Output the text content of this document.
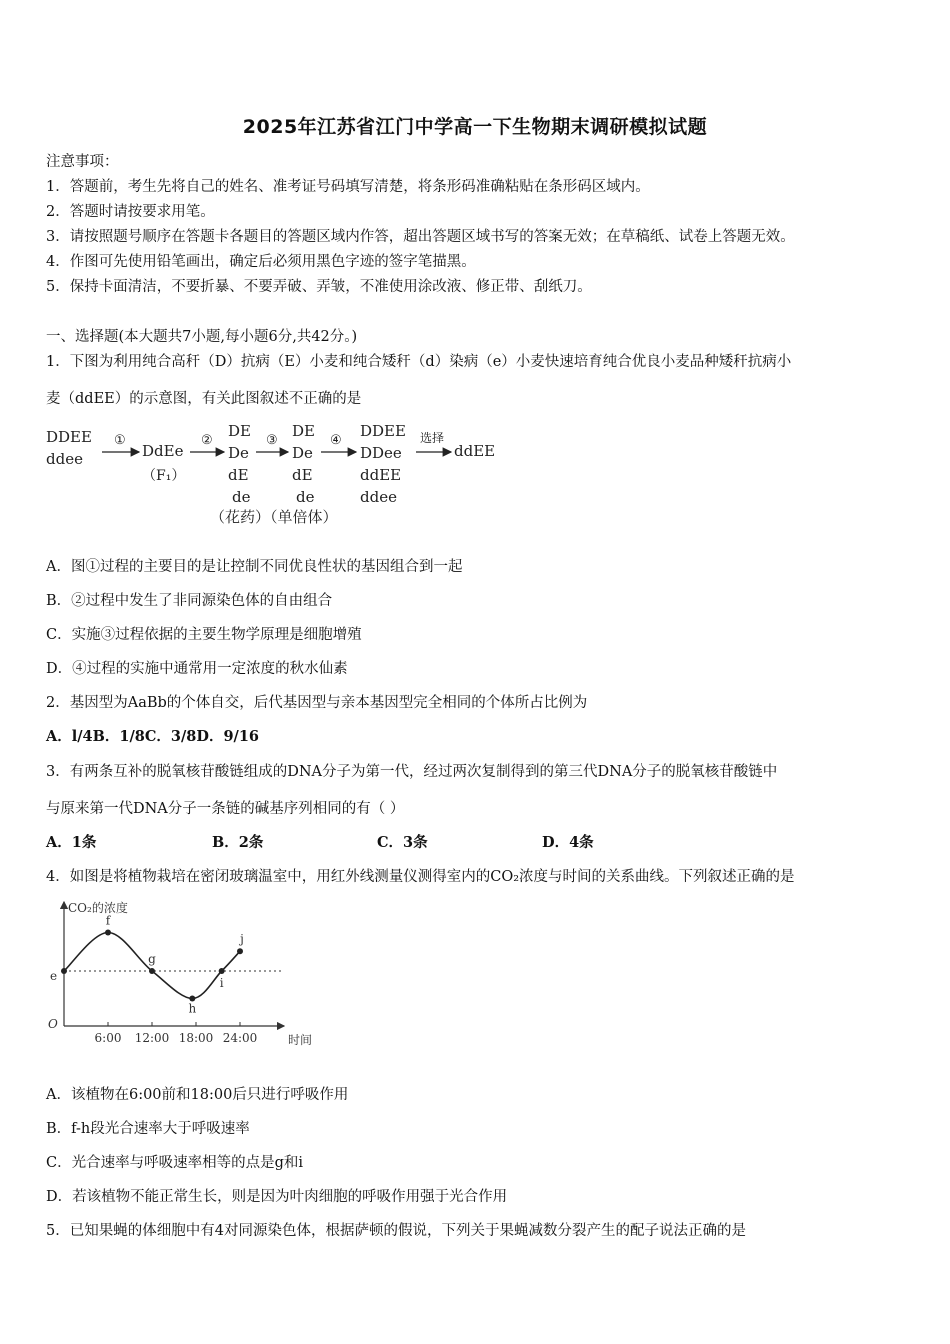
2025年江苏省江门中学高一下生物期末调研模拟试题
注意事项：
1．答题前，考生先将自己的姓名、准考证号码填写清楚，将条形码准确粘贴在条形码区域内。
2．答题时请按要求用笔。
3．请按照题号顺序在答题卡各题目的答题区域内作答，超出答题区域书写的答案无效；在草稿纸、试卷上答题无效。
4．作图可先使用铅笔画出，确定后必须用黑色字迹的签字笔描黑。
5．保持卡面清洁，不要折暴、不要弄破、弄皱，不准使用涂改液、修正带、刮纸刀。
一、选择题(本大题共7小题,每小题6分,共42分。)
1．下图为利用纯合高秆（D）抗病（E）小麦和纯合矮秆（d）染病（e）小麦快速培育纯合优良小麦品种矮秆抗病小
麦（ddEE）的示意图，有关此图叙述不正确的是
DDEE
ddee
①
DdEe
（F₁）
②
DE
De
dE
de
③
DE
De
dE
de
④
DDEE
DDee
ddEE
ddee
选择
ddEE
（花药）（单倍体）
A．图①过程的主要目的是让控制不同优良性状的基因组合到一起
B．②过程中发生了非同源染色体的自由组合
C．实施③过程依据的主要生物学原理是细胞增殖
D．④过程的实施中通常用一定浓度的秋水仙素
2．基因型为AaBb的个体自交，后代基因型与亲本基因型完全相同的个体所占比例为
A．l/4B．1/8C．3/8D．9/16
3．有两条互补的脱氧核苷酸链组成的DNA分子为第一代，经过两次复制得到的第三代DNA分子的脱氧核苷酸链中
与原来第一代DNA分子一条链的碱基序列相同的有（ ）
A．1条	B．2条	C．3条	D．4条
4．如图是将植物栽培在密闭玻璃温室中，用红外线测量仪测得室内的CO₂浓度与时间的关系曲线。下列叙述正确的是
CO₂的浓度
时间
O
e
6:00 12:00 18:00 24:00
f
g
h
i
j
A．该植物在6:00前和18:00后只进行呼吸作用
B．f-h段光合速率大于呼吸速率
C．光合速率与呼吸速率相等的点是g和i
D．若该植物不能正常生长，则是因为叶肉细胞的呼吸作用强于光合作用
5．已知果蝇的体细胞中有4对同源染色体，根据萨顿的假说，下列关于果蝇减数分裂产生的配子说法正确的是
